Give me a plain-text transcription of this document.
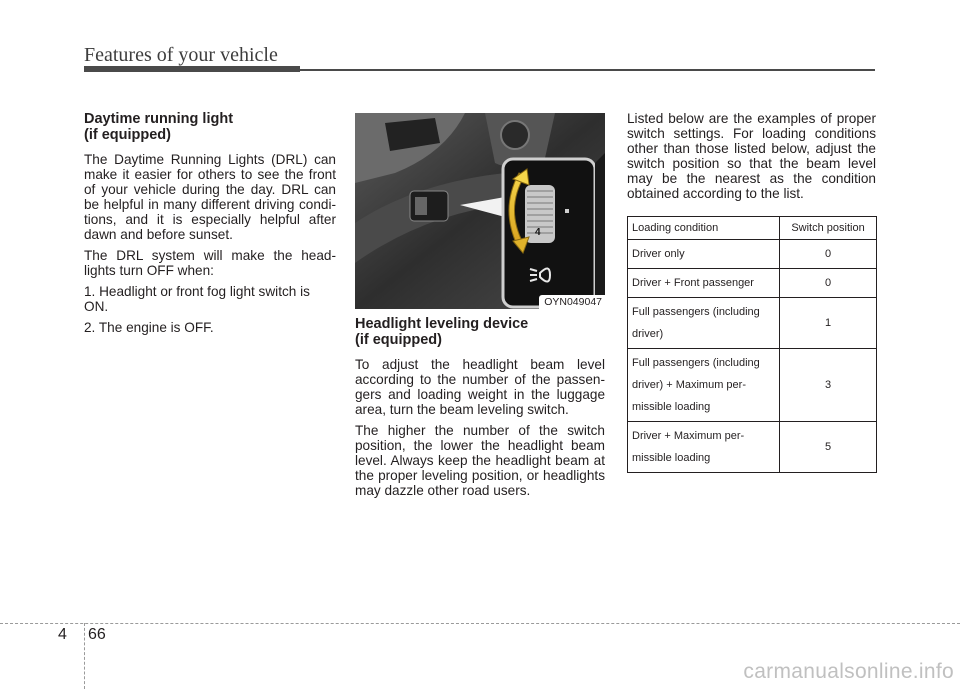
Features of your vehicle
Daytime running light
(if equipped)

The Daytime Running Lights (DRL) can make it easier for others to see the front of your vehicle during the day. DRL can be helpful in many different driving condi-tions, and it is especially helpful after dawn and before sunset.

The DRL system will make the head-lights turn OFF when:

1. Headlight or front fog light switch is ON.
2. The engine is OFF.
4
OYN049047
Headlight leveling device
(if equipped)

To adjust the headlight beam level according to the number of the passen-gers and loading weight in the luggage area, turn the beam leveling switch.

The higher the number of the switch position, the lower the headlight beam level. Always keep the headlight beam at the proper leveling position, or headlights may dazzle other road users.

Listed below are the examples of proper switch settings. For loading conditions other than those listed below, adjust the switch position so that the beam level may be the nearest as the condition obtained according to the list.

Loading condition	Switch position
Driver only	0
Driver + Front passenger	0
Full passengers (including driver)	1
Full passengers (including driver) + Maximum per-missible loading	3
Driver + Maximum per-missible loading	5
4 66
carmanualsonline.info
